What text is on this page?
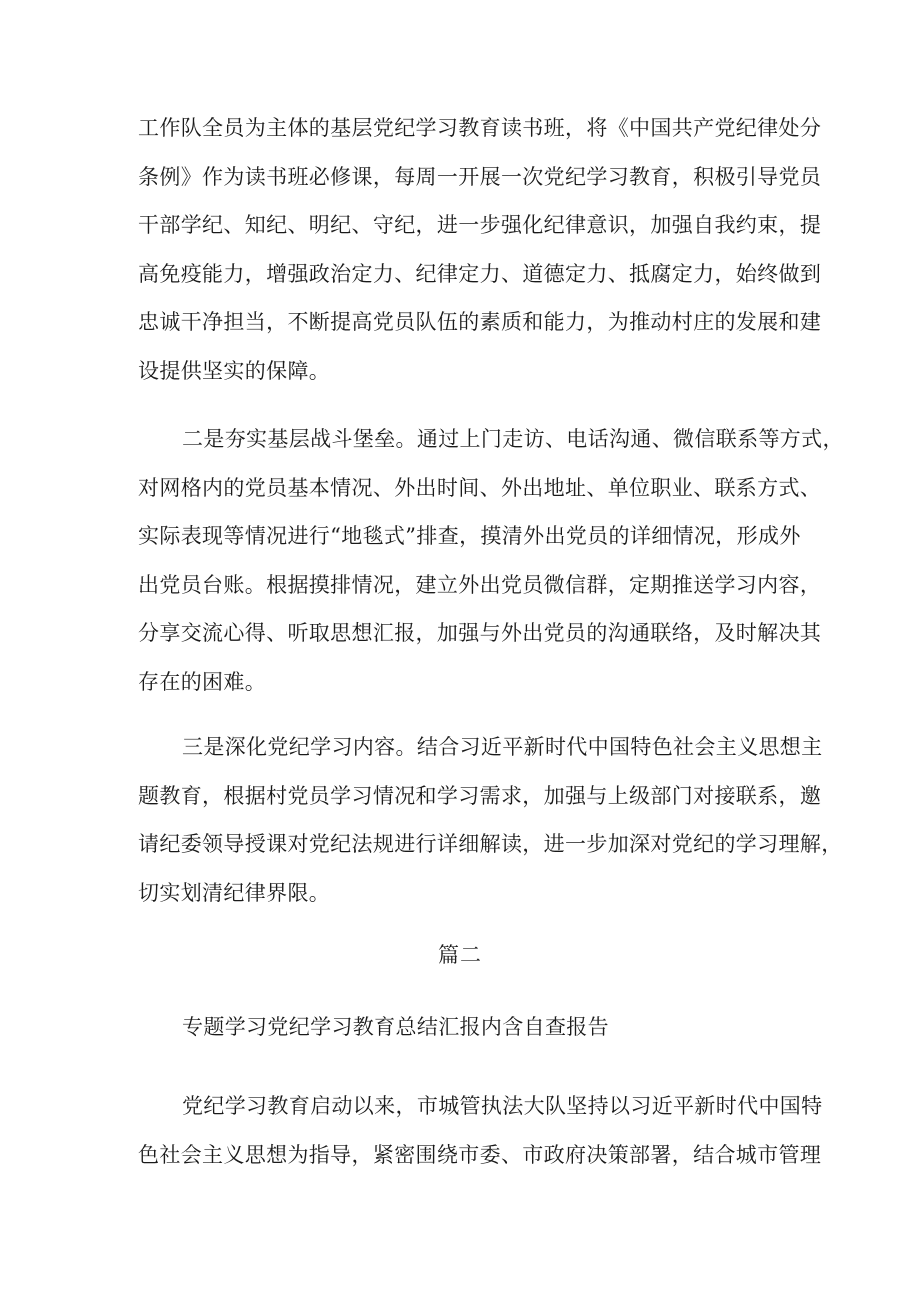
工作队全员为主体的基层党纪学习教育读书班，将《中国共产党纪律处分
条例》作为读书班必修课，每周一开展一次党纪学习教育，积极引导党员
干部学纪、知纪、明纪、守纪，进一步强化纪律意识，加强自我约束，提
高免疫能力，增强政治定力、纪律定力、道德定力、抵腐定力，始终做到
忠诚干净担当，不断提高党员队伍的素质和能力，为推动村庄的发展和建
设提供坚实的保障。
二是夯实基层战斗堡垒。通过上门走访、电话沟通、微信联系等方式，
对网格内的党员基本情况、外出时间、外出地址、单位职业、联系方式、
实际表现等情况进行“地毯式”排查，摸清外出党员的详细情况，形成外
出党员台账。根据摸排情况，建立外出党员微信群，定期推送学习内容，
分享交流心得、听取思想汇报，加强与外出党员的沟通联络，及时解决其
存在的困难。
三是深化党纪学习内容。结合习近平新时代中国特色社会主义思想主
题教育，根据村党员学习情况和学习需求，加强与上级部门对接联系，邀
请纪委领导授课对党纪法规进行详细解读，进一步加深对党纪的学习理解，
切实划清纪律界限。
篇二
专题学习党纪学习教育总结汇报内含自查报告
党纪学习教育启动以来，市城管执法大队坚持以习近平新时代中国特
色社会主义思想为指导，紧密围绕市委、市政府决策部署，结合城市管理
